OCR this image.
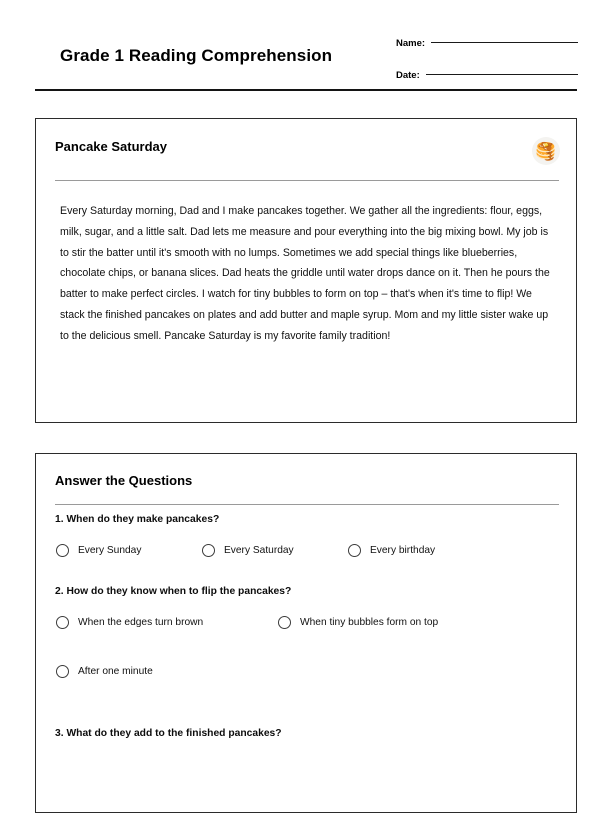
Grade 1 Reading Comprehension
Name:
Date:
Pancake Saturday	🥞
Every Saturday morning, Dad and I make pancakes together. We gather all the ingredients: flour, eggs, milk, sugar, and a little salt. Dad lets me measure and pour everything into the big mixing bowl. My job is to stir the batter until it's smooth with no lumps. Sometimes we add special things like blueberries, chocolate chips, or banana slices. Dad heats the griddle until water drops dance on it. Then he pours the batter to make perfect circles. I watch for tiny bubbles to form on top – that's when it's time to flip! We stack the finished pancakes on plates and add butter and maple syrup. Mom and my little sister wake up to the delicious smell. Pancake Saturday is my favorite family tradition!
Answer the Questions
1. When do they make pancakes?
Every Sunday	Every Saturday	Every birthday
2. How do they know when to flip the pancakes?
When the edges turn brown	When tiny bubbles form on top
After one minute
3. What do they add to the finished pancakes?
